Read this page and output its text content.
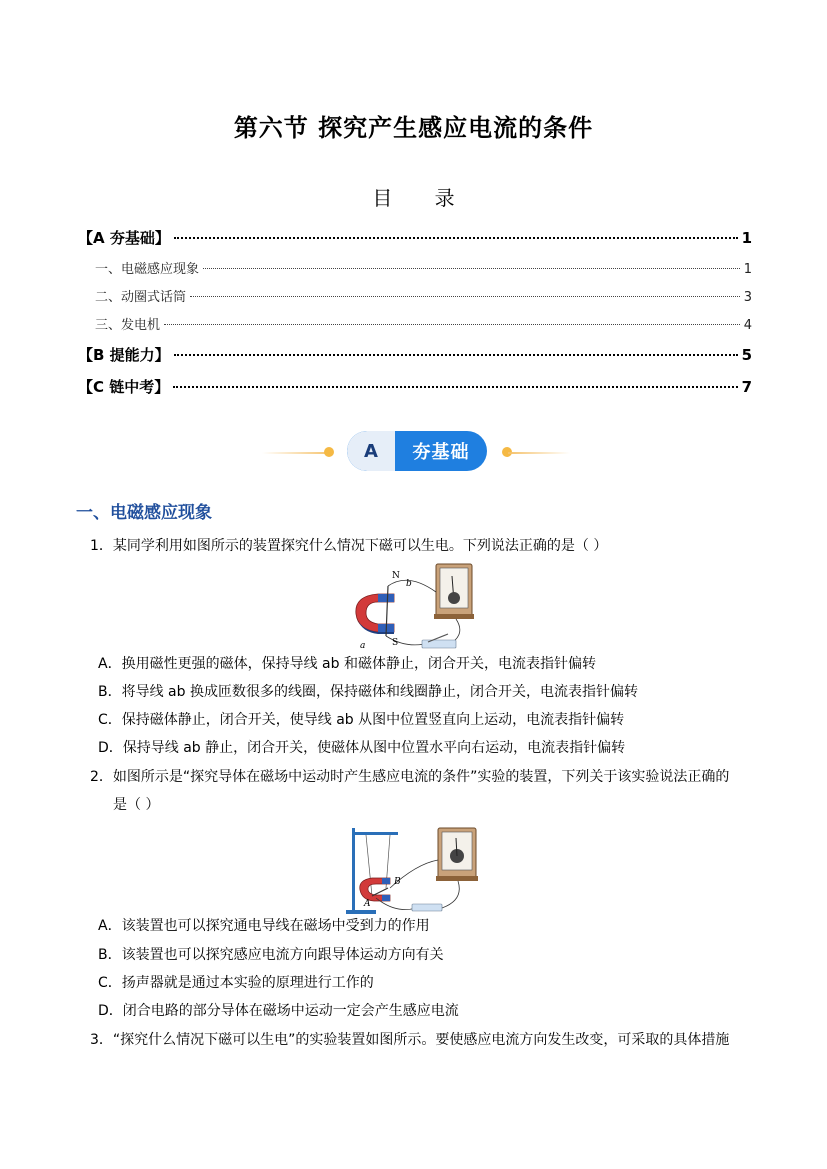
第六节 探究产生感应电流的条件
目 录
【A 夯基础】	1
一、电磁感应现象	1
二、动圈式话筒	3
三、发电机	4
【B 提能力】	5
【C 链中考】	7
A	夯基础
一、电磁感应现象
1．某同学利用如图所示的装置探究什么情况下磁可以生电。下列说法正确的是（ ）
N
S
a
b
A．换用磁性更强的磁体，保持导线 ab 和磁体静止，闭合开关，电流表指针偏转
B．将导线 ab 换成匝数很多的线圈，保持磁体和线圈静止，闭合开关，电流表指针偏转
C．保持磁体静止，闭合开关，使导线 ab 从图中位置竖直向上运动，电流表指针偏转
D．保持导线 ab 静止，闭合开关，使磁体从图中位置水平向右运动，电流表指针偏转
2．如图所示是“探究导体在磁场中运动时产生感应电流的条件”实验的装置，下列关于该实验说法正确的
是（ ）
A
B
A．该装置也可以探究通电导线在磁场中受到力的作用
B．该装置也可以探究感应电流方向跟导体运动方向有关
C．扬声器就是通过本实验的原理进行工作的
D．闭合电路的部分导体在磁场中运动一定会产生感应电流
3．“探究什么情况下磁可以生电”的实验装置如图所示。要使感应电流方向发生改变，可采取的具体措施
